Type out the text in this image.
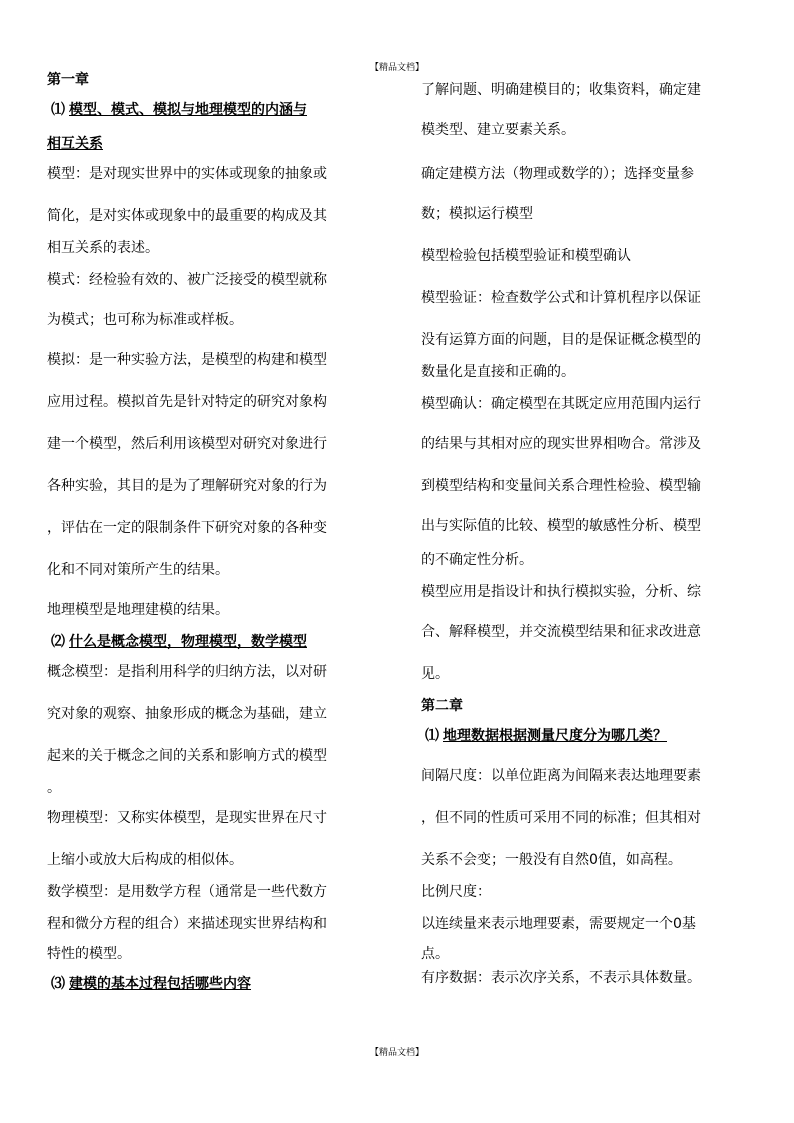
【精品文档】
第一章
⑴ 模型、模式、模拟与地理模型的内涵与
相互关系
模型：是对现实世界中的实体或现象的抽象或
简化，是对实体或现象中的最重要的构成及其
相互关系的表述。
模式：经检验有效的、被广泛接受的模型就称
为模式；也可称为标准或样板。
模拟：是一种实验方法，是模型的构建和模型
应用过程。模拟首先是针对特定的研究对象构
建一个模型，然后利用该模型对研究对象进行
各种实验，其目的是为了理解研究对象的行为
，评估在一定的限制条件下研究对象的各种变
化和不同对策所产生的结果。
地理模型是地理建模的结果。
⑵ 什么是概念模型，物理模型，数学模型
概念模型：是指利用科学的归纳方法，以对研
究对象的观察、抽象形成的概念为基础，建立
起来的关于概念之间的关系和影响方式的模型
。
物理模型：又称实体模型，是现实世界在尺寸
上缩小或放大后构成的相似体。
数学模型：是用数学方程（通常是一些代数方
程和微分方程的组合）来描述现实世界结构和
特性的模型。
⑶ 建模的基本过程包括哪些内容
了解问题、明确建模目的；收集资料，确定建
模类型、建立要素关系。
确定建模方法（物理或数学的）；选择变量参
数；模拟运行模型
模型检验包括模型验证和模型确认
模型验证：检查数学公式和计算机程序以保证
没有运算方面的问题，目的是保证概念模型的
数量化是直接和正确的。
模型确认：确定模型在其既定应用范围内运行
的结果与其相对应的现实世界相吻合。常涉及
到模型结构和变量间关系合理性检验、模型输
出与实际值的比较、模型的敏感性分析、模型
的不确定性分析。
模型应用是指设计和执行模拟实验，分析、综
合、解释模型，并交流模型结果和征求改进意
见。
第二章
⑴ 地理数据根据测量尺度分为哪几类？
间隔尺度：以单位距离为间隔来表达地理要素
，但不同的性质可采用不同的标准；但其相对
关系不会变；一般没有自然0值，如高程。
比例尺度：
以连续量来表示地理要素，需要规定一个0基
点。
有序数据：表示次序关系，不表示具体数量。
【精品文档】
